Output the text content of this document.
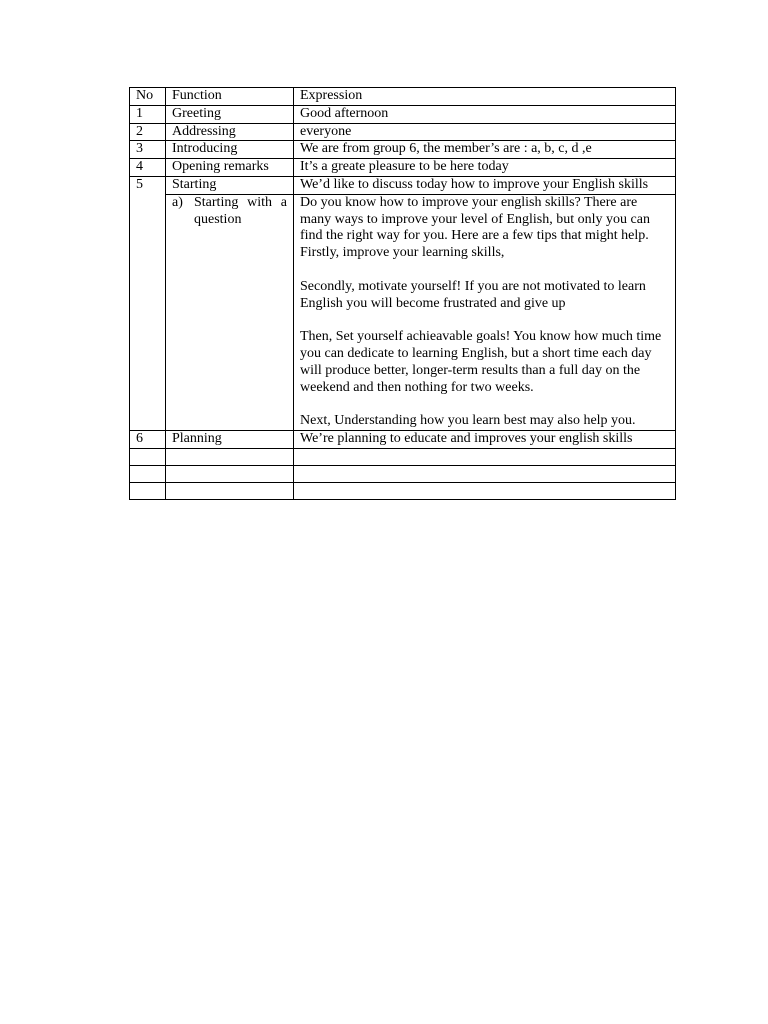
No	Function	Expression
1	Greeting	Good afternoon
2	Addressing	everyone
3	Introducing	We are from group 6, the member’s are : a, b, c, d ,e
4	Opening remarks	It’s a greate pleasure to be here today
5	Starting	We’d like to discuss today how to improve your English skills

	a) Starting with a question	Do you know how to improve your english skills? There are many ways to improve your level of English, but only you can find the right way for you. Here are a few tips that might help.
Firstly, improve your learning skills,
Secondly, motivate yourself! If you are not motivated to learn English you will become frustrated and give up
Then, Set yourself achieavable goals! You know how much time you can dedicate to learning English, but a short time each day will produce better, longer-term results than a full day on the weekend and then nothing for two weeks.
Next, Understanding how you learn best may also help you.

6	Planning	We’re planning to educate and improves your english skills
